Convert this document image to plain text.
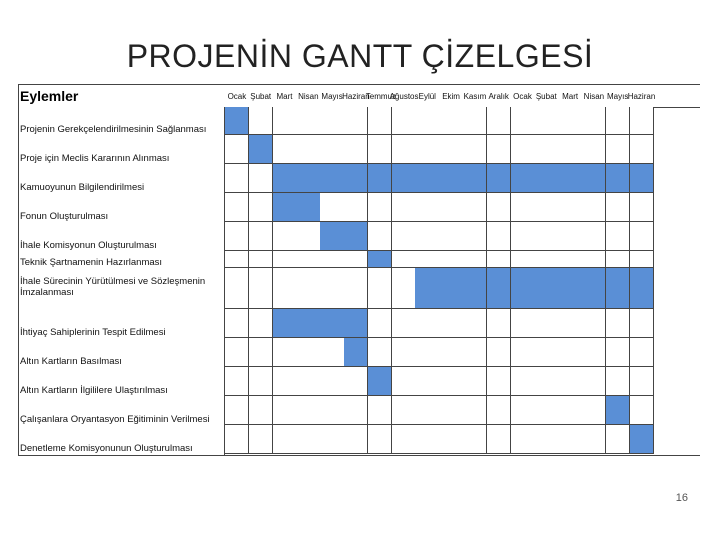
PROJENİN GANTT ÇİZELGESİ
Eylemler	Ocak Şubat Mart Nisan Mayıs Haziran
Temmuz
Ağustos Eylül Ekim Kasım Aralık Ocak Şubat Mart Nisan Mayıs Haziran
Projenin Gerekçelendirilmesinin Sağlanması
Proje için Meclis Kararının Alınması
Kamuoyunun Bilgilendirilmesi
Fonun Oluşturulması
İhale Komisyonun Oluşturulması
Teknik Şartnamenin Hazırlanması
İhale Sürecinin Yürütülmesi ve Sözleşmenin İmzalanması
İhtiyaç Sahiplerinin Tespit Edilmesi
Altın Kartların Basılması
Altın Kartların İlgililere Ulaştırılması
Çalışanlara Oryantasyon Eğitiminin Verilmesi
Denetleme Komisyonunun Oluşturulması
16
